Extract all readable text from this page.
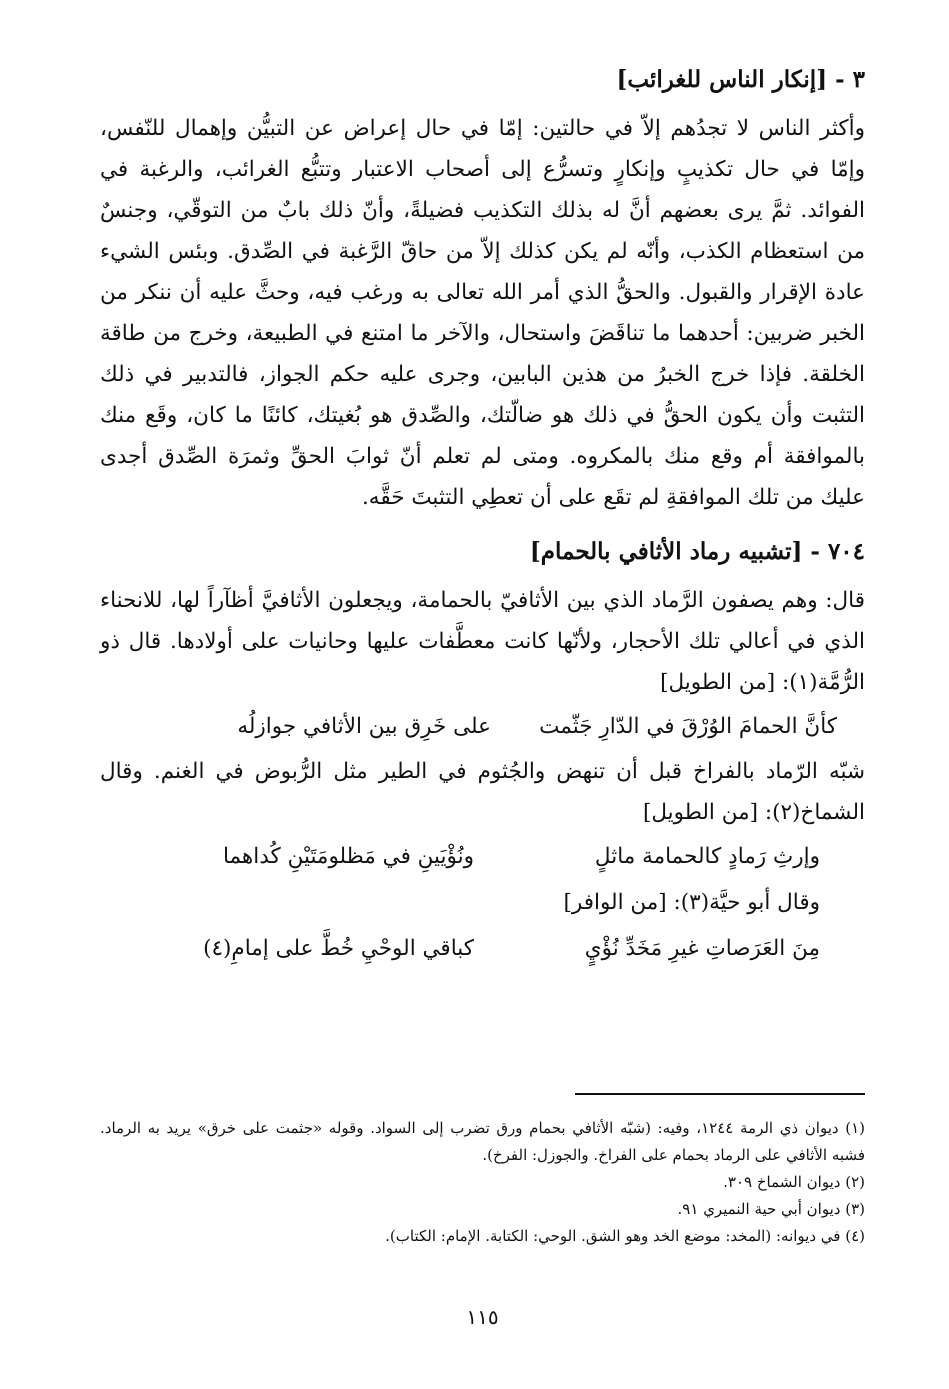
٣ - [إنكار الناس للغرائب]

وأكثر الناس لا تجدُهم إلاّ في حالتين: إمّا في حال إعراض عن التبيُّن وإهمال للنّفس، وإمّا في حال تكذيبٍ وإنكارٍ وتسرُّع إلى أصحاب الاعتبار وتتبُّع الغرائب، والرغبة في الفوائد. ثمَّ يرى بعضهم أنَّ له بذلك التكذيب فضيلةً، وأنّ ذلك بابٌ من التوقّي، وجنسٌ من استعظام الكذب، وأنّه لم يكن كذلك إلاّ من حاقّ الرَّغبة في الصِّدق. وبئس الشيء عادة الإقرار والقبول. والحقُّ الذي أمر الله تعالى به ورغب فيه، وحثَّ عليه أن ننكر من الخبر ضربين: أحدهما ما تناقَضَ واستحال، والآخر ما امتنع في الطبيعة، وخرج من طاقة الخلقة. فإذا خرج الخبرُ من هذين البابين، وجرى عليه حكم الجواز، فالتدبير في ذلك التثبت وأن يكون الحقُّ في ذلك هو ضالّتك، والصِّدق هو بُغيتك، كائنًا ما كان، وقَع منك بالموافقة أم وقع منك بالمكروه. ومتى لم تعلم أنّ ثوابَ الحقِّ وثمرَة الصِّدق أجدى عليك من تلك الموافقةِ لم تقَع على أن تعطِي التثبتَ حَقَّه.

٧٠٤ - [تشبيه رماد الأثافي بالحمام]

قال: وهم يصفون الرَّماد الذي بين الأثافيّ بالحمامة، ويجعلون الأثافيَّ أظآراً لها، للانحناء الذي في أعالي تلك الأحجار، ولأنّها كانت معطَّفات عليها وحانيات على أولادها. قال ذو الرُّمَّة(١): [من الطويل]

كأنَّ الحمامَ الوُرْقَ في الدّارِ جَثّمت
على خَرِق بين الأثافي جوازلُه

شبّه الرّماد بالفراخ قبل أن تنهض والجُثوم في الطير مثل الرُّبوض في الغنم. وقال الشماخ(٢): [من الطويل]

وإرثِ رَمادٍ كالحمامة ماثلٍ
ونُؤْيَينِ في مَظلومَتَيْنِ كُداهما
وقال أبو حيَّة(٣): [من الوافر]
مِنَ العَرَصاتِ غيرِ مَخَدِّ نُؤْيٍ
كباقي الوحْيِ خُطَّ على إمامِ(٤)

(١) ديوان ذي الرمة ١٢٤٤، وفيه: (شبّه الأثافي بحمام ورق تضرب إلى السواد. وقوله «جثمت على خرق» يريد به الرماد. فشبه الأثافي على الرماد بحمام على الفراخ. والجوزل: الفرخ).

(٢) ديوان الشماخ ٣٠٩.

(٣) ديوان أبي حية النميري ٩١.

(٤) في ديوانه: (المخد: موضع الخد وهو الشق. الوحي: الكتابة. الإمام: الكتاب).

١١٥
